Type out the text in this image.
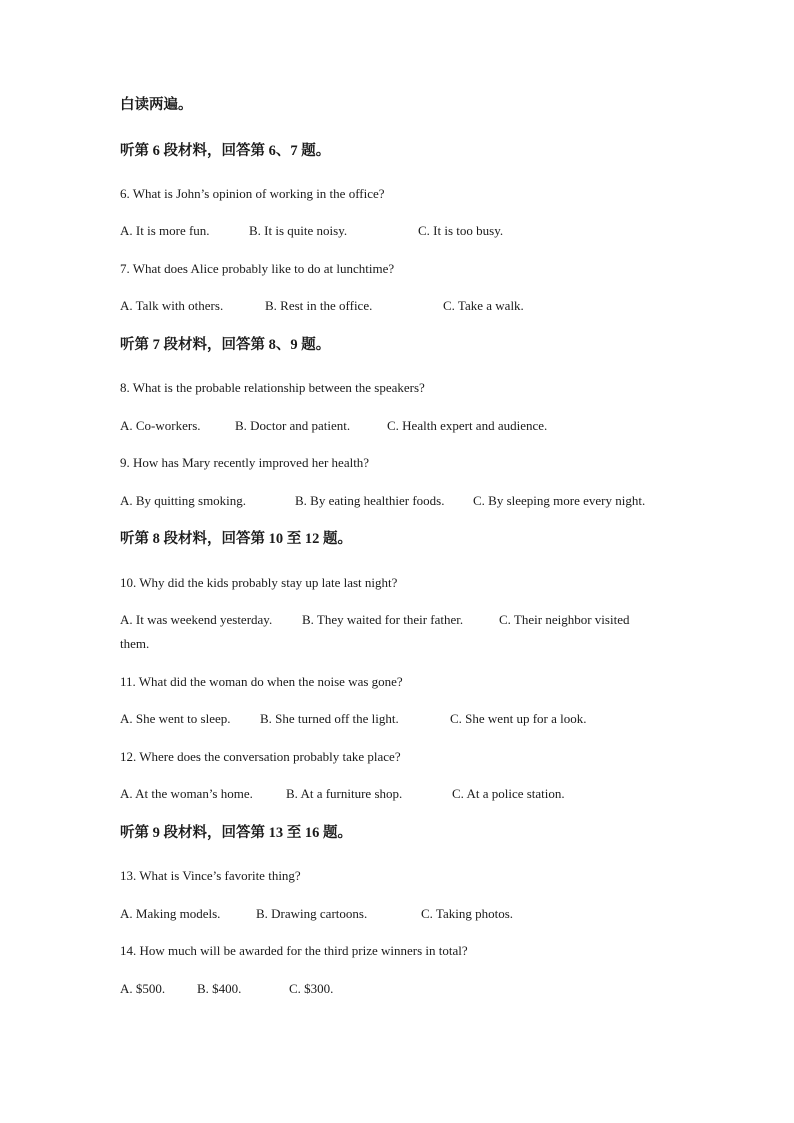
白读两遍。
听第 6 段材料，回答第 6、7 题。
6. What is John’s opinion of working in the office?
A. It is more fun.	B. It is quite noisy.	C. It is too busy.
7. What does Alice probably like to do at lunchtime?
A. Talk with others.	B. Rest in the office.	C. Take a walk.
听第 7 段材料，回答第 8、9 题。
8. What is the probable relationship between the speakers?
A. Co-workers.	B. Doctor and patient.	C. Health expert and audience.
9. How has Mary recently improved her health?
A. By quitting smoking.	B. By eating healthier foods. C. By sleeping more every night.
听第 8 段材料，回答第 10 至 12 题。
10. Why did the kids probably stay up late last night?
A. It was weekend yesterday. B. They waited for their father.	C. Their neighbor visited
them.
11. What did the woman do when the noise was gone?
A. She went to sleep. B. She turned off the light.	C. She went up for a look.
12. Where does the conversation probably take place?
A. At the woman’s home.	B. At a furniture shop.	C. At a police station.
听第 9 段材料，回答第 13 至 16 题。
13. What is Vince’s favorite thing?
A. Making models.	B. Drawing cartoons.	C. Taking photos.
14. How much will be awarded for the third prize winners in total?
A. $500. B. $400.	C. $300.
